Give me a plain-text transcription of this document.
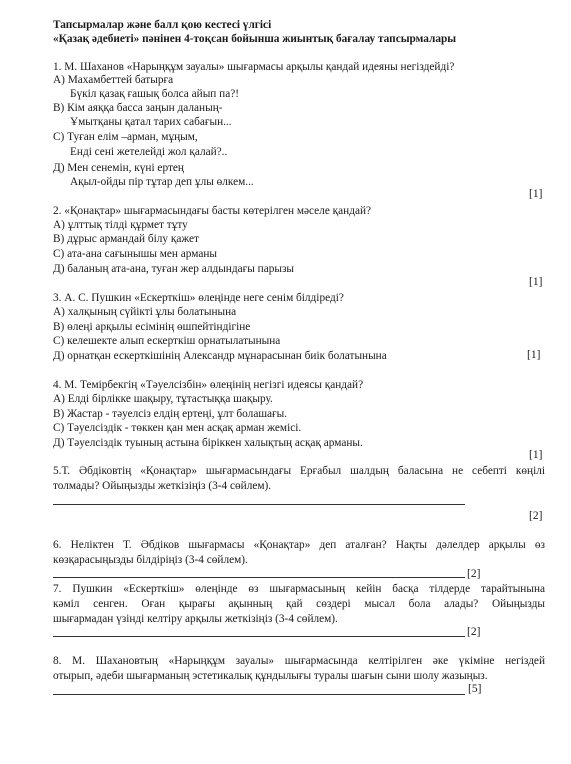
Тапсырмалар және балл қою кестесі үлгісі
«Қазақ әдебиеті» пәнінен 4-тоқсан бойынша жиынтық бағалау тапсырмалары
1. М. Шаханов «Нарыңқұм зауалы» шығармасы арқылы қандай идеяны негіздейді?
А) Махамбеттей батырға
Бүкіл қазақ ғашық болса айып па?!
В) Кім аяққа басса заңын даланың-
Ұмытқаны қатал тарих сабағын...
С) Туған елім –арман, мұңым,
Енді сені жетелейді жол қалай?..
Д) Мен сенемін, күні ертең
Ақыл-ойды пір тұтар деп ұлы өлкем...
[1]
2. «Қонақтар» шығармасындағы басты көтерілген мәселе қандай?
А) ұлттық тілді құрмет тұту
В) дұрыс армандай білу қажет
С) ата-ана сағынышы мен арманы
Д) баланың ата-ана, туған жер алдындағы парызы
[1]
3. А. С. Пушкин «Ескерткіш» өлеңінде неге сенім білдіреді?
А) халқының сүйікті ұлы болатынына
В) өлеңі арқылы есімінің өшпейтіндігіне
С) келешекте алып ескерткіш орнатылатынына
Д) орнатқан ескерткішінің Александр мұнарасынан биік болатынына	[1]
4. М. Темірбекгің «Тәуелсізбін» өлеңінің негізгі идеясы қандай?
А) Елді бірлікке шақыру, тұтастыққа шақыру.
В) Жастар - тәуелсіз елдің ертеңі, ұлт болашағы.
С) Тәуелсіздік - төккен қан мен асқақ арман жемісі.
Д) Тәуелсіздік туының астына біріккен халықтың асқақ арманы.
[1]
5.Т. Әбдіковтің «Қонақтар» шығармасындағы Ерғабыл шалдың баласына не себепті көңілі
толмады? Ойыңызды жеткізіңіз (3-4 сөйлем).
[2]
6. Неліктен Т. Әбдіков шығармасы «Қонақтар» деп аталған? Нақты дәлелдер арқылы өз
көзқарасыңызды білдіріңіз (3-4 сөйлем).
[2]
7. Пушкин «Ескерткіш» өлеңінде өз шығармасының кейін басқа тілдерде тарайтынына
кәміл сенген. Оған қырағы ақынның қай сөздері мысал бола алады? Ойыңызды
шығармадан үзінді келтіру арқылы жеткізіңіз (3-4 сөйлем).
[2]
8. М. Шахановтың «Нарыңқұм зауалы» шығармасында келтірілген әке үкіміне негіздей
отырып, әдеби шығарманың эстетикалық құндылығы туралы шағын сыни шолу жазыңыз.
[5]
